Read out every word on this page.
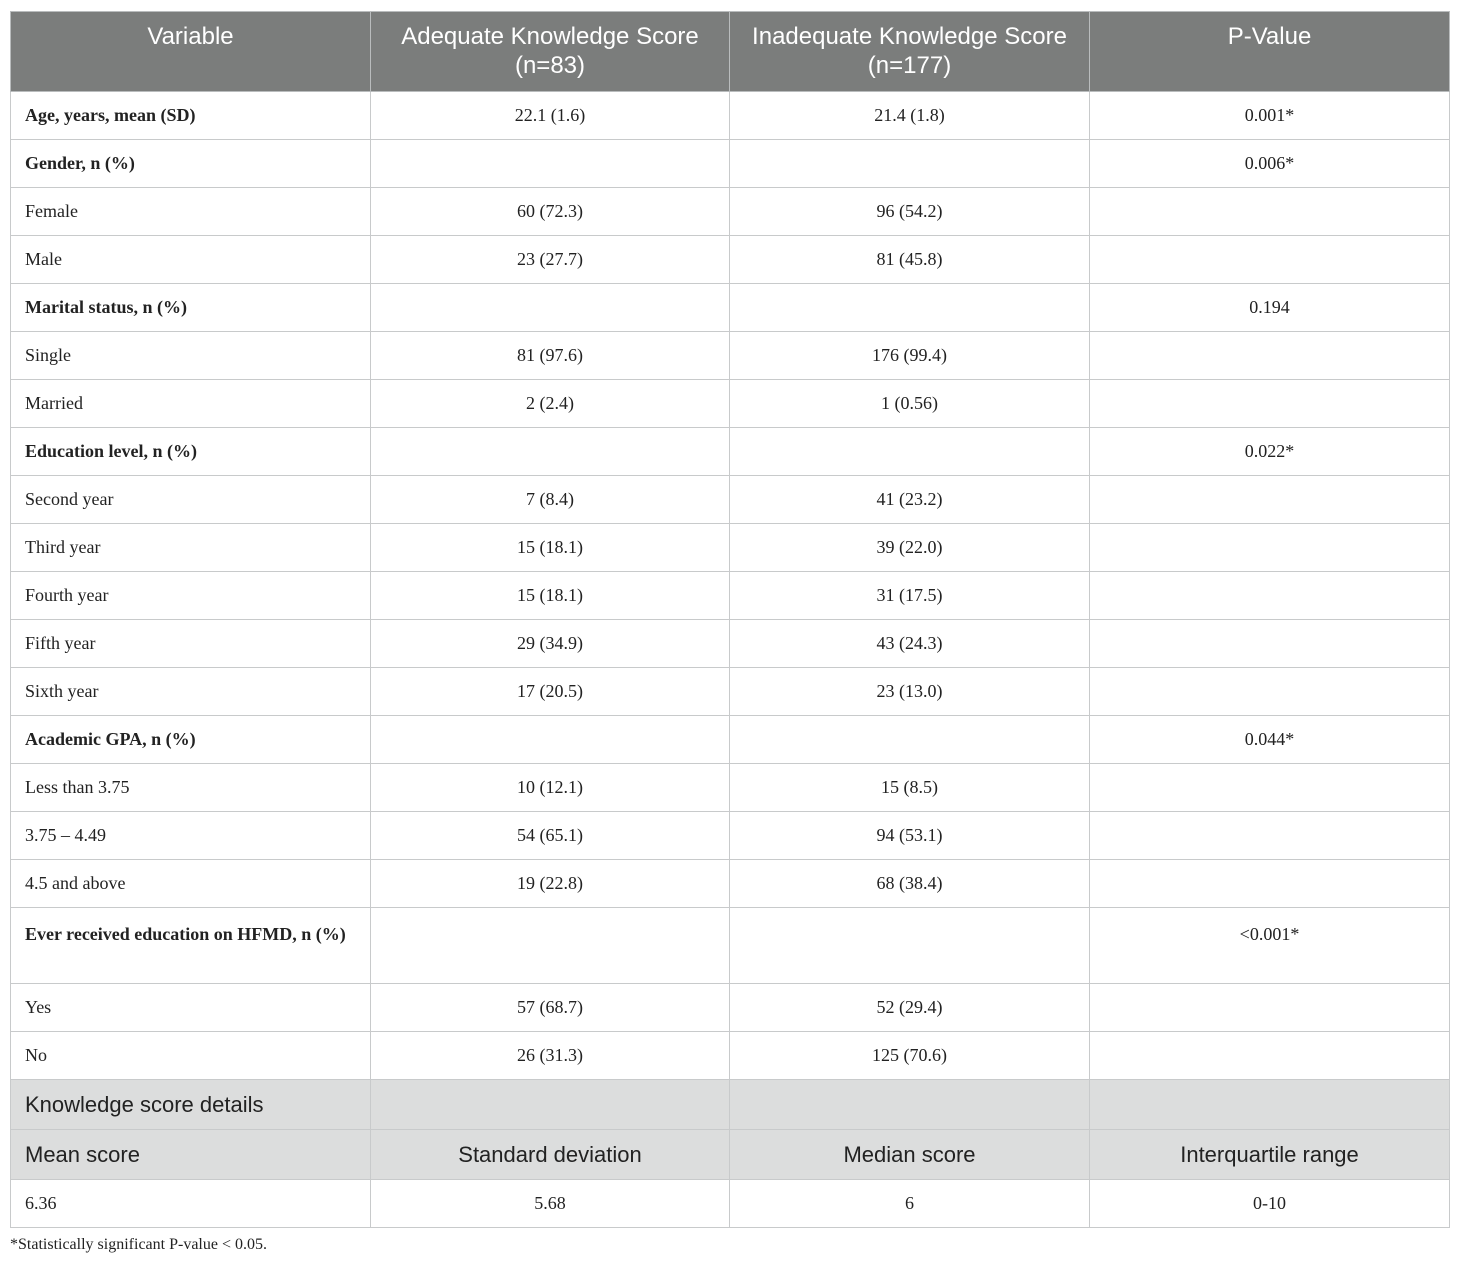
Variable	Adequate Knowledge Score (n=83)	Inadequate Knowledge Score (n=177)	P-Value
Age, years, mean (SD)	22.1 (1.6)	21.4 (1.8)	0.001*
Gender, n (%)			0.006*
Female	60 (72.3)	96 (54.2)	
Male	23 (27.7)	81 (45.8)	
Marital status, n (%)			0.194
Single	81 (97.6)	176 (99.4)	
Married	2 (2.4)	1 (0.56)	
Education level, n (%)			0.022*
Second year	7 (8.4)	41 (23.2)	
Third year	15 (18.1)	39 (22.0)	
Fourth year	15 (18.1)	31 (17.5)	
Fifth year	29 (34.9)	43 (24.3)	
Sixth year	17 (20.5)	23 (13.0)	
Academic GPA, n (%)			0.044*
Less than 3.75	10 (12.1)	15 (8.5)	
3.75 – 4.49	54 (65.1)	94 (53.1)	
4.5 and above	19 (22.8)	68 (38.4)	
Ever received education on HFMD, n (%)			<0.001*
Yes	57 (68.7)	52 (29.4)	
No	26 (31.3)	125 (70.6)	
Knowledge score details			
Mean score	Standard deviation	Median score	Interquartile range
6.36	5.68	6	0-10
*Statistically significant P-value < 0.05.
